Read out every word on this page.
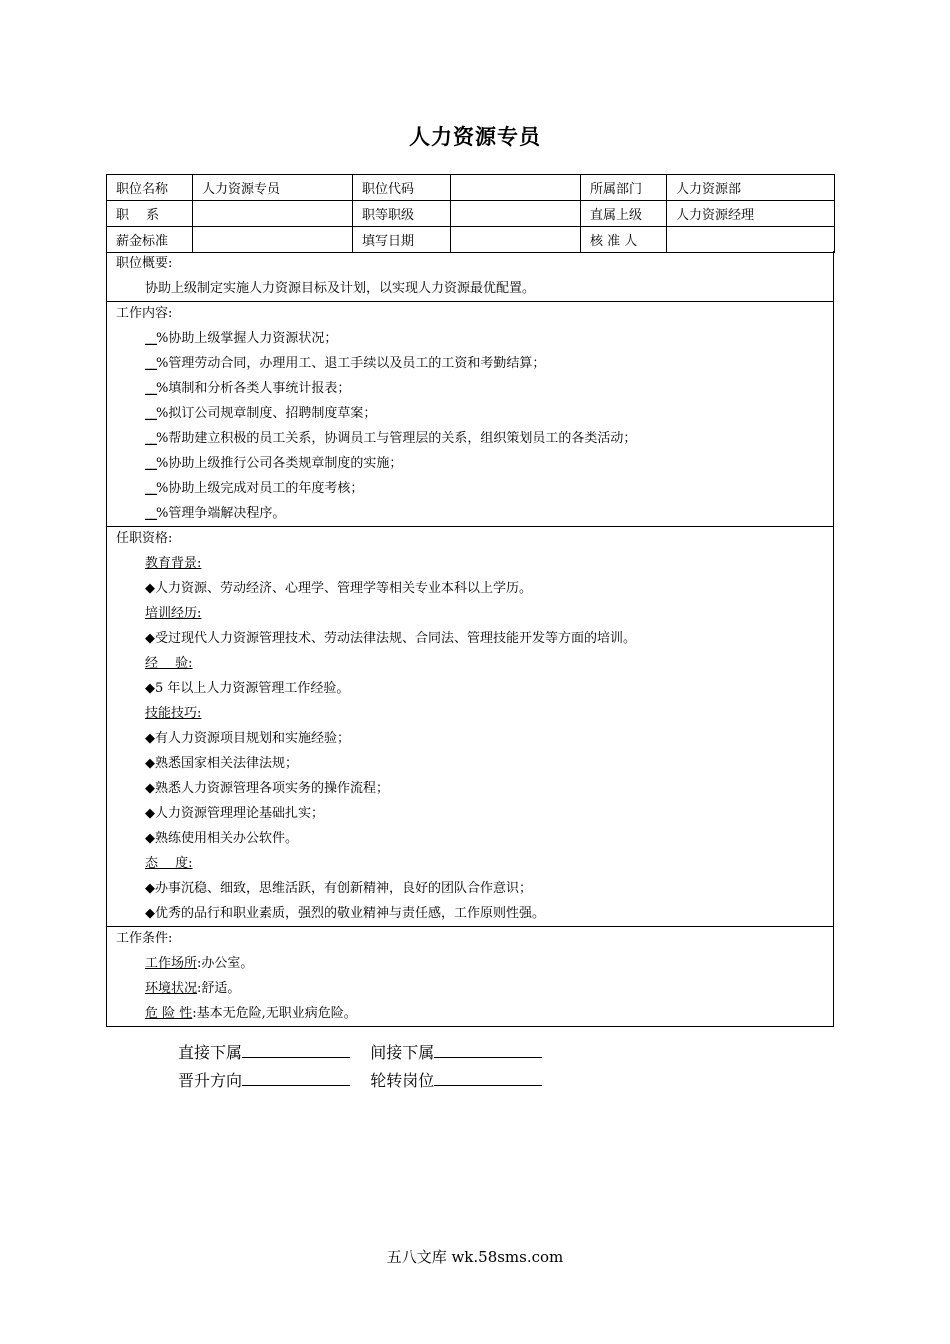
人力资源专员
职位名称	人力资源专员	职位代码		所属部门	人力资源部
职　 系		职等职级		直属上级	人力资源经理
薪金标准		填写日期		核 准 人	
职位概要:
协助上级制定实施人力资源目标及计划，以实现人力资源最优配置。
工作内容:
__%协助上级掌握人力资源状况；
__%管理劳动合同，办理用工、退工手续以及员工的工资和考勤结算；
__%填制和分析各类人事统计报表；
__%拟订公司规章制度、招聘制度草案；
__%帮助建立积极的员工关系，协调员工与管理层的关系，组织策划员工的各类活动；
__%协助上级推行公司各类规章制度的实施；
__%协助上级完成对员工的年度考核；
__%管理争端解决程序。
任职资格:
教育背景:
◆人力资源、劳动经济、心理学、管理学等相关专业本科以上学历。
培训经历:
◆受过现代人力资源管理技术、劳动法律法规、合同法、管理技能开发等方面的培训。
经　 验:
◆5 年以上人力资源管理工作经验。
技能技巧:
◆有人力资源项目规划和实施经验；
◆熟悉国家相关法律法规；
◆熟悉人力资源管理各项实务的操作流程；
◆人力资源管理理论基础扎实；
◆熟练使用相关办公软件。
态　 度:
◆办事沉稳、细致，思维活跃，有创新精神，良好的团队合作意识；
◆优秀的品行和职业素质，强烈的敬业精神与责任感，工作原则性强。
工作条件:
工作场所:办公室。
环境状况:舒适。
危 险 性:基本无危险,无职业病危险。
直接下属	间接下属
晋升方向	轮转岗位
五八文库 wk.58sms.com
